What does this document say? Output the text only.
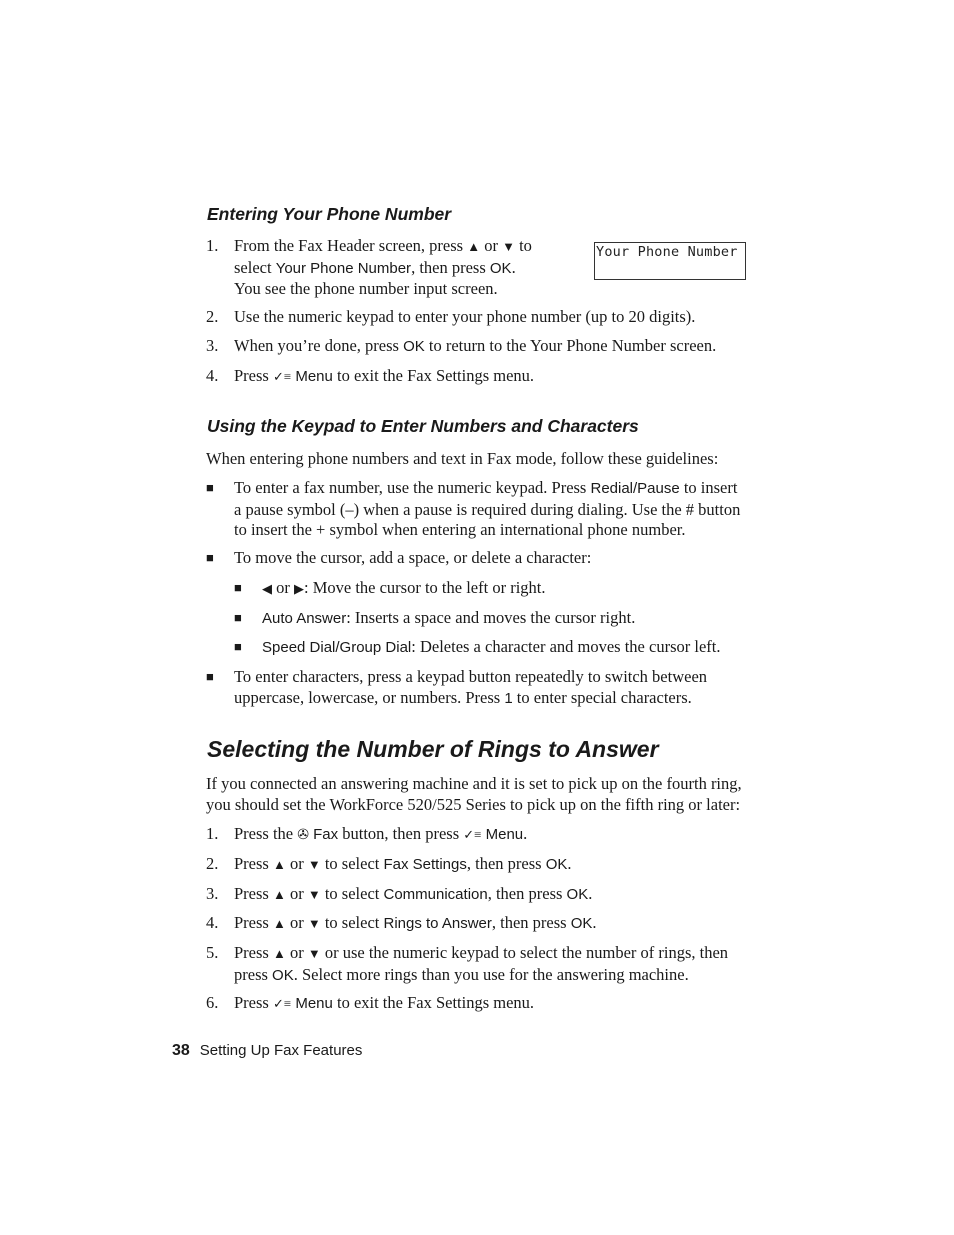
Entering Your Phone Number
1. From the Fax Header screen, press ▲ or ▼ to
select Your Phone Number, then press OK.
You see the phone number input screen.
Your Phone Number
2. Use the numeric keypad to enter your phone number (up to 20 digits).
3. When you’re done, press OK to return to the Your Phone Number screen.
4. Press ✓≡ Menu to exit the Fax Settings menu.
Using the Keypad to Enter Numbers and Characters
When entering phone numbers and text in Fax mode, follow these guidelines:
■ To enter a fax number, use the numeric keypad. Press Redial/Pause to insert
a pause symbol (–) when a pause is required during dialing. Use the # button
to insert the + symbol when entering an international phone number.
■ To move the cursor, add a space, or delete a character:
■ ◀ or ▶: Move the cursor to the left or right.
■ Auto Answer: Inserts a space and moves the cursor right.
■ Speed Dial/Group Dial: Deletes a character and moves the cursor left.
■ To enter characters, press a keypad button repeatedly to switch between
uppercase, lowercase, or numbers. Press 1 to enter special characters.
Selecting the Number of Rings to Answer
If you connected an answering machine and it is set to pick up on the fourth ring,
you should set the WorkForce 520/525 Series to pick up on the fifth ring or later:
1. Press the ✇ Fax button, then press ✓≡ Menu.
2. Press ▲ or ▼ to select Fax Settings, then press OK.
3. Press ▲ or ▼ to select Communication, then press OK.
4. Press ▲ or ▼ to select Rings to Answer, then press OK.
5. Press ▲ or ▼ or use the numeric keypad to select the number of rings, then
press OK. Select more rings than you use for the answering machine.
6. Press ✓≡ Menu to exit the Fax Settings menu.
38 Setting Up Fax Features
